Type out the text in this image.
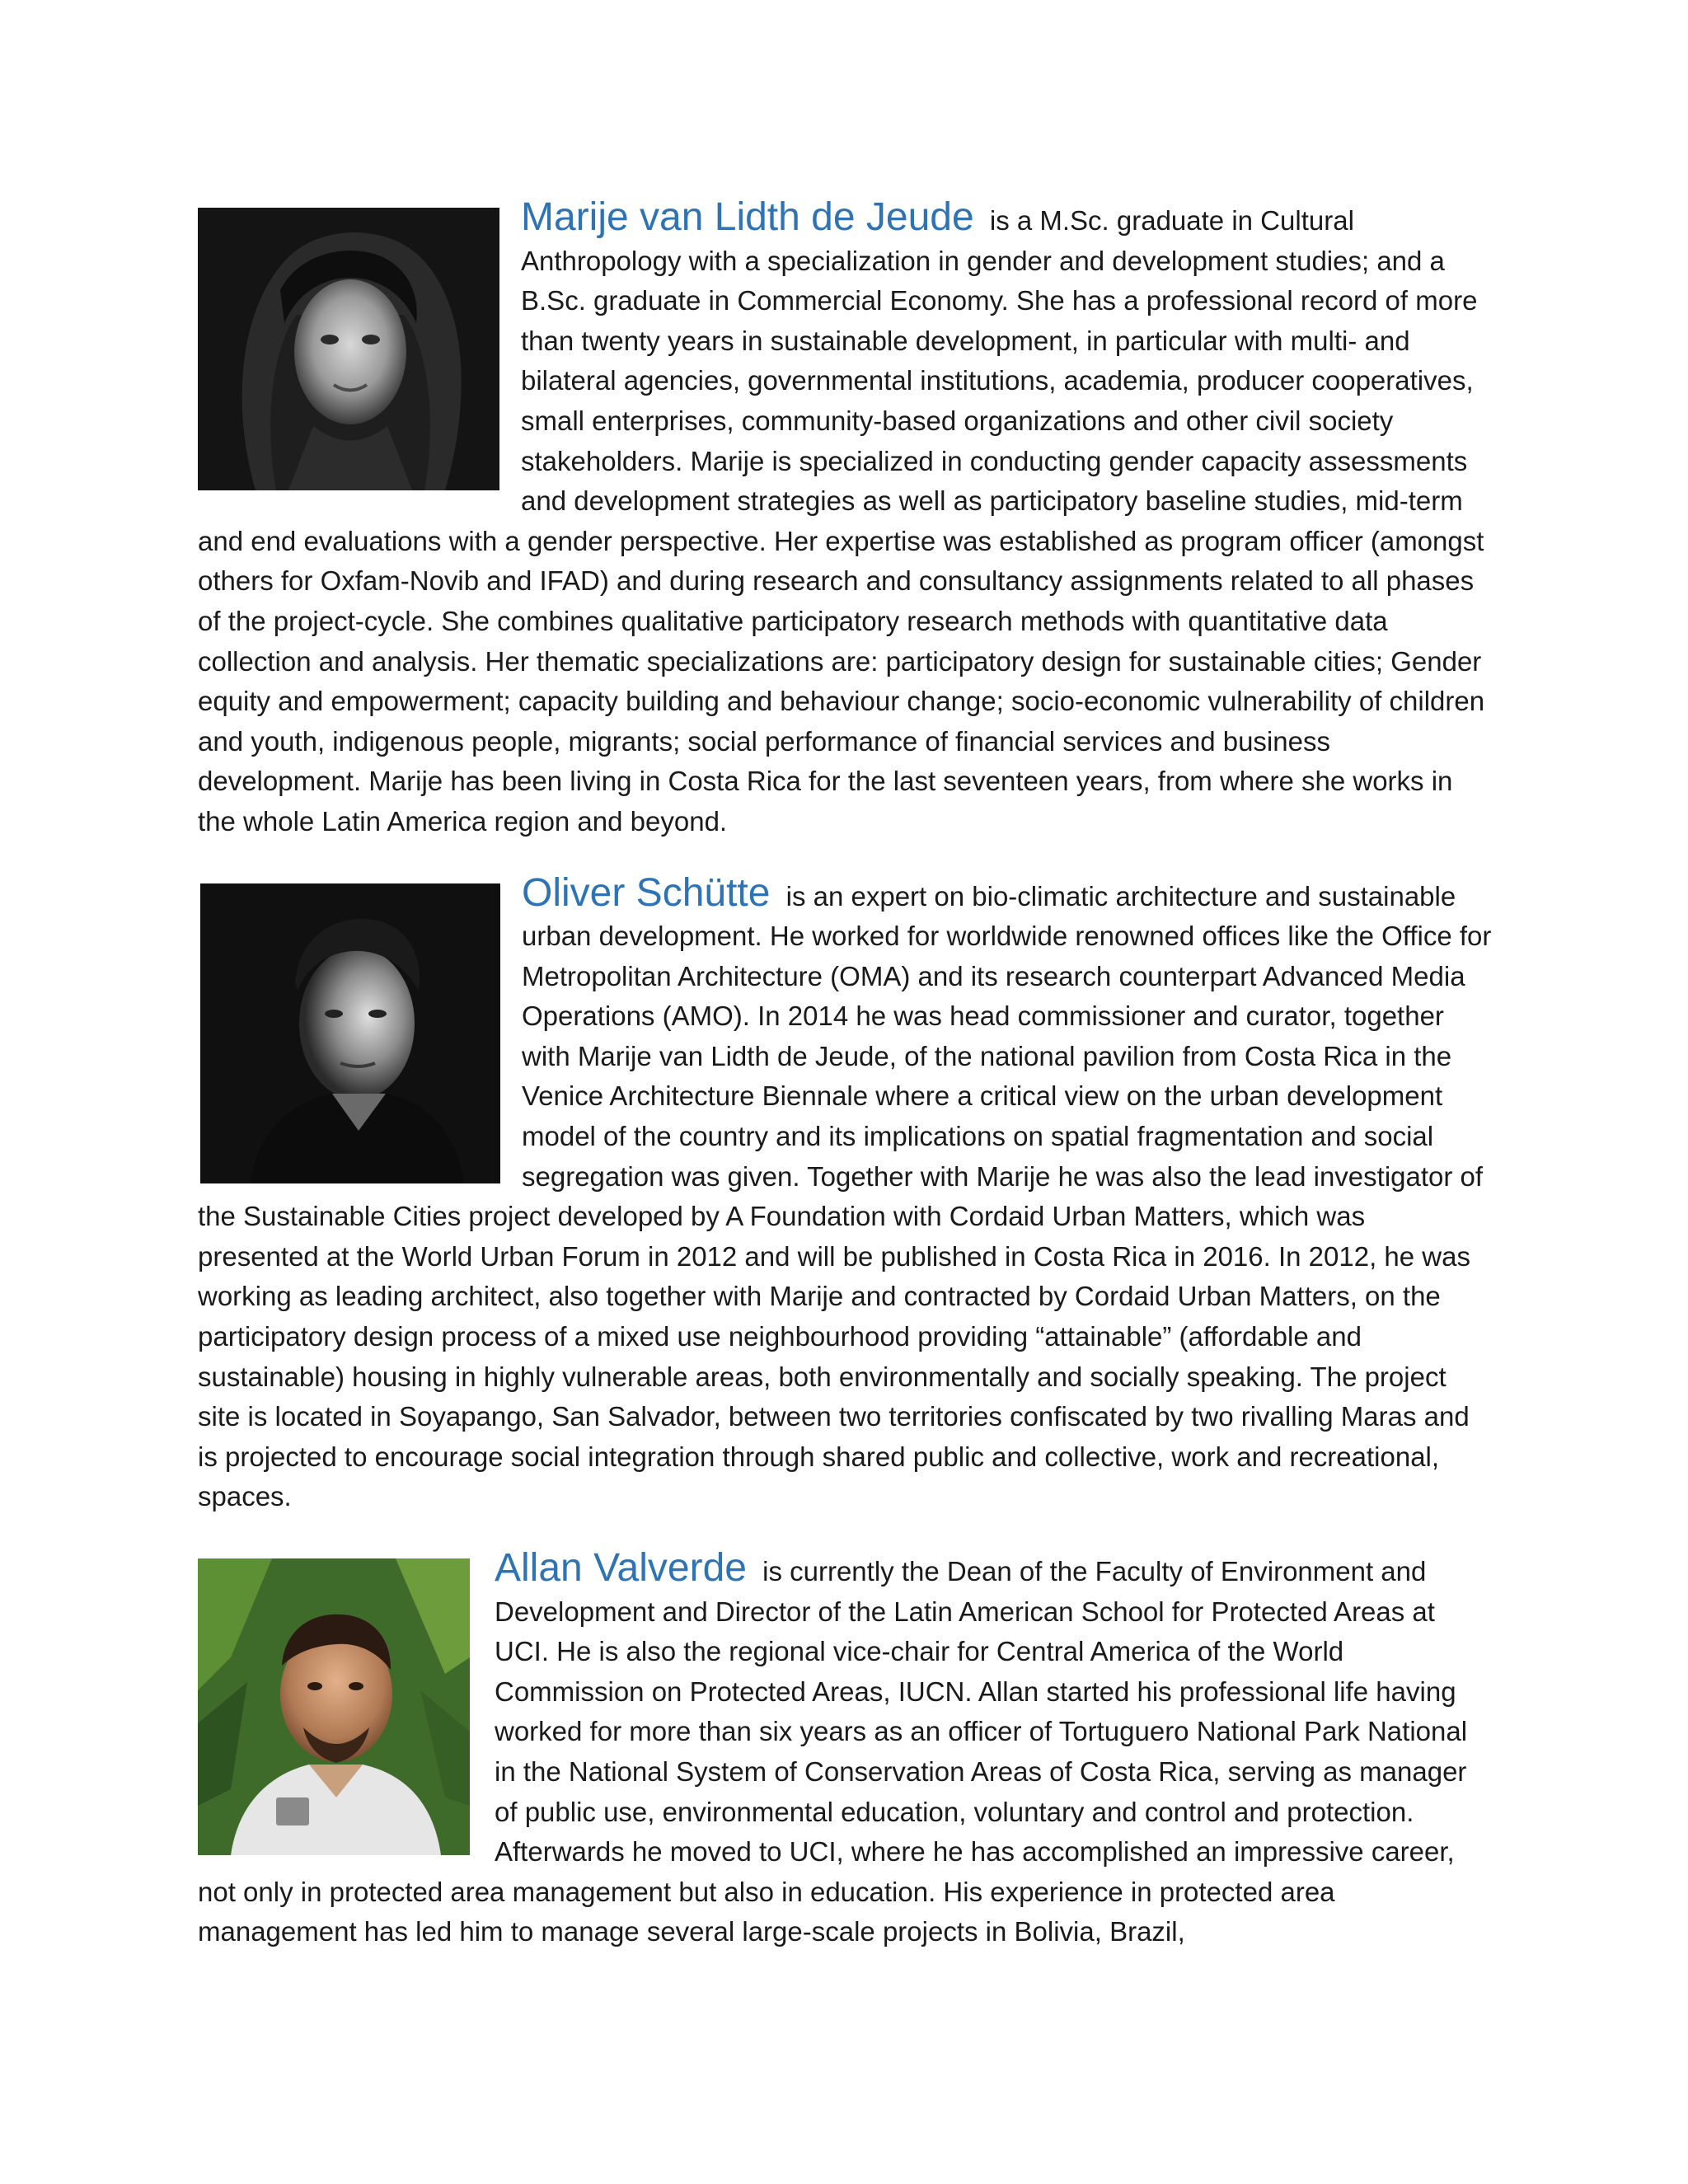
Marije van Lidth de Jeude is a M.Sc. graduate in Cultural Anthropology with a specialization in gender and development studies; and a B.Sc. graduate in Commercial Economy. She has a professional record of more than twenty years in sustainable development, in particular with multi- and bilateral agencies, governmental institutions, academia, producer cooperatives, small enterprises, community-based organizations and other civil society stakeholders. Marije is specialized in conducting gender capacity assessments and development strategies as well as participatory baseline studies, mid-term and end evaluations with a gender perspective. Her expertise was established as program officer (amongst others for Oxfam-Novib and IFAD) and during research and consultancy assignments related to all phases of the project-cycle. She combines qualitative participatory research methods with quantitative data collection and analysis. Her thematic specializations are: participatory design for sustainable cities; Gender equity and empowerment; capacity building and behaviour change; socio-economic vulnerability of children and youth, indigenous people, migrants; social performance of financial services and business development. Marije has been living in Costa Rica for the last seventeen years, from where she works in the whole Latin America region and beyond.
Oliver Schütte is an expert on bio-climatic architecture and sustainable urban development. He worked for worldwide renowned offices like the Office for Metropolitan Architecture (OMA) and its research counterpart Advanced Media Operations (AMO). In 2014 he was head commissioner and curator, together with Marije van Lidth de Jeude, of the national pavilion from Costa Rica in the Venice Architecture Biennale where a critical view on the urban development model of the country and its implications on spatial fragmentation and social segregation was given. Together with Marije he was also the lead investigator of the Sustainable Cities project developed by A Foundation with Cordaid Urban Matters, which was presented at the World Urban Forum in 2012 and will be published in Costa Rica in 2016. In 2012, he was working as leading architect, also together with Marije and contracted by Cordaid Urban Matters, on the participatory design process of a mixed use neighbourhood providing “attainable” (affordable and sustainable) housing in highly vulnerable areas, both environmentally and socially speaking. The project site is located in Soyapango, San Salvador, between two territories confiscated by two rivalling Maras and is projected to encourage social integration through shared public and collective, work and recreational, spaces.
Allan Valverde is currently the Dean of the Faculty of Environment and Development and Director of the Latin American School for Protected Areas at UCI. He is also the regional vice-chair for Central America of the World Commission on Protected Areas, IUCN. Allan started his professional life having worked for more than six years as an officer of Tortuguero National Park National in the National System of Conservation Areas of Costa Rica, serving as manager of public use, environmental education, voluntary and control and protection. Afterwards he moved to UCI, where he has accomplished an impressive career, not only in protected area management but also in education. His experience in protected area management has led him to manage several large-scale projects in Bolivia, Brazil,
